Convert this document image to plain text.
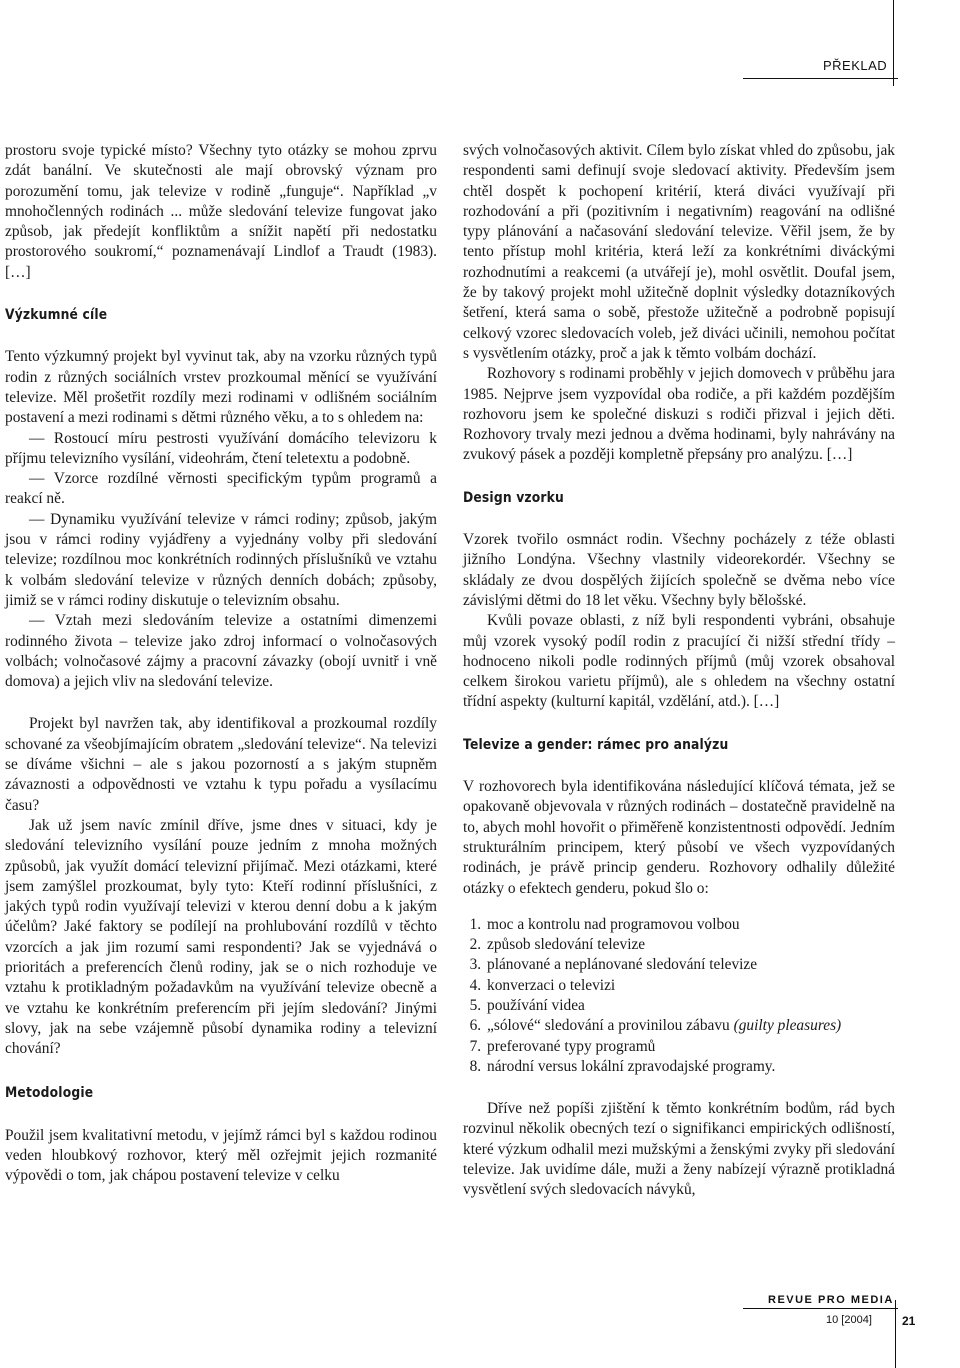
PŘEKLAD

prostoru svoje typické místo? Všechny tyto otázky se mohou zprvu zdát banální. Ve skutečnosti ale mají obrovský význam pro porozumění tomu, jak televize v rodině „funguje“. Například „v mnohočlenných rodinách ... může sledování televize fungovat jako způsob, jak předejít konfliktům a snížit napětí při nedostatku prostorového soukromí,“ poznamenávají Lindlof a Traudt (1983). […]

Výzkumné cíle

Tento výzkumný projekt byl vyvinut tak, aby na vzorku různých typů rodin z různých sociálních vrstev prozkoumal měnící se využívání televize. Měl prošetřit rozdíly mezi rodinami v odlišném sociálním postavení a mezi rodinami s dětmi různého věku, a to s ohledem na:

— Rostoucí míru pestrosti využívání domácího televizoru k příjmu televizního vysílání, videohrám, čtení teletextu a podobně.

— Vzorce rozdílné věrnosti specifickým typům programů a reakcí ně.

— Dynamiku využívání televize v rámci rodiny; způsob, jakým jsou v rámci rodiny vyjádřeny a vyjednány volby při sledování televize; rozdílnou moc konkrétních rodinných příslušníků ve vztahu k volbám sledování televize v různých denních dobách; způsoby, jimiž se v rámci rodiny diskutuje o televizním obsahu.

— Vztah mezi sledováním televize a ostatními dimenzemi rodinného života – televize jako zdroj informací o volnočasových volbách; volnočasové zájmy a pracovní závazky (obojí uvnitř i vně domova) a jejich vliv na sledování televize.

Projekt byl navržen tak, aby identifikoval a prozkoumal rozdíly schované za všeobjímajícím obratem „sledování televize“. Na televizi se díváme všichni – ale s jakou pozorností a s jakým stupněm závaznosti a odpovědnosti ve vztahu k typu pořadu a vysílacímu času?

Jak už jsem navíc zmínil dříve, jsme dnes v situaci, kdy je sledování televizního vysílání pouze jedním z mnoha možných způsobů, jak využít domácí televizní přijímač. Mezi otázkami, které jsem zamýšlel prozkoumat, byly tyto: Kteří rodinní příslušníci, z jakých typů rodin využívají televizi v kterou denní dobu a k jakým účelům? Jaké faktory se podílejí na prohlubování rozdílů v těchto vzorcích a jak jim rozumí sami respondenti? Jak se vyjednává o prioritách a preferencích členů rodiny, jak se o nich rozhoduje ve vztahu k protikladným požadavkům na využívání televize obecně a ve vztahu ke konkrétním preferencím při jejím sledování? Jinými slovy, jak na sebe vzájemně působí dynamika rodiny a televizní chování?

Metodologie

Použil jsem kvalitativní metodu, v jejímž rámci byl s každou rodinou veden hloubkový rozhovor, který měl ozřejmit jejich rozmanité výpovědi o tom, jak chápou postavení televize v celku

svých volnočasových aktivit. Cílem bylo získat vhled do způsobu, jak respondenti sami definují svoje sledovací aktivity. Především jsem chtěl dospět k pochopení kritérií, která diváci využívají při rozhodování a při (pozitivním i negativním) reagování na odlišné typy plánování a načasování sledování televize. Věřil jsem, že by tento přístup mohl kritéria, která leží za konkrétními diváckými rozhodnutími a reakcemi (a utvářejí je), mohl osvětlit. Doufal jsem, že by takový projekt mohl užitečně doplnit výsledky dotazníkových šetření, která sama o sobě, přestože užitečně a podrobně popisují celkový vzorec sledovacích voleb, jež diváci učinili, nemohou počítat s vysvětlením otázky, proč a jak k těmto volbám dochází.

Rozhovory s rodinami proběhly v jejich domovech v průběhu jara 1985. Nejprve jsem vyzpovídal oba rodiče, a při každém pozdějším rozhovoru jsem ke společné diskuzi s rodiči přizval i jejich děti. Rozhovory trvaly mezi jednou a dvěma hodinami, byly nahrávány na zvukový pásek a později kompletně přepsány pro analýzu. […]

Design vzorku

Vzorek tvořilo osmnáct rodin. Všechny pocházely z téže oblasti jižního Londýna. Všechny vlastnily videorekordér. Všechny se skládaly ze dvou dospělých žijících společně se dvěma nebo více závislými dětmi do 18 let věku. Všechny byly bělošské.

Kvůli povaze oblasti, z níž byli respondenti vybráni, obsahuje můj vzorek vysoký podíl rodin z pracující či nižší střední třídy – hodnoceno nikoli podle rodinných příjmů (můj vzorek obsahoval celkem širokou varietu příjmů), ale s ohledem na všechny ostatní třídní aspekty (kulturní kapitál, vzdělání, atd.). […]

Televize a gender: rámec pro analýzu

V rozhovorech byla identifikována následující klíčová témata, jež se opakovaně objevovala v různých rodinách – dostatečně pravidelně na to, abych mohl hovořit o přiměřeně konzistentnosti odpovědí. Jedním strukturálním principem, který působí ve všech vyzpovídaných rodinách, je právě princip genderu. Rozhovory odhalily důležité otázky o efektech genderu, pokud šlo o:

1. moc a kontrolu nad programovou volbou
2. způsob sledování televize
3. plánované a neplánované sledování televize
4. konverzaci o televizi
5. používání videa
6. „sólové“ sledování a provinilou zábavu (guilty pleasures)
7. preferované typy programů
8. národní versus lokální zpravodajské programy.

Dříve než popíši zjištění k těmto konkrétním bodům, rád bych rozvinul několik obecných tezí o signifikanci empirických odlišností, které výzkum odhalil mezi mužskými a ženskými zvyky při sledování televize. Jak uvidíme dále, muži a ženy nabízejí výrazně protikladná vysvětlení svých sledovacích návyků,

REVUE PRO MEDIA
10 [2004]	21
